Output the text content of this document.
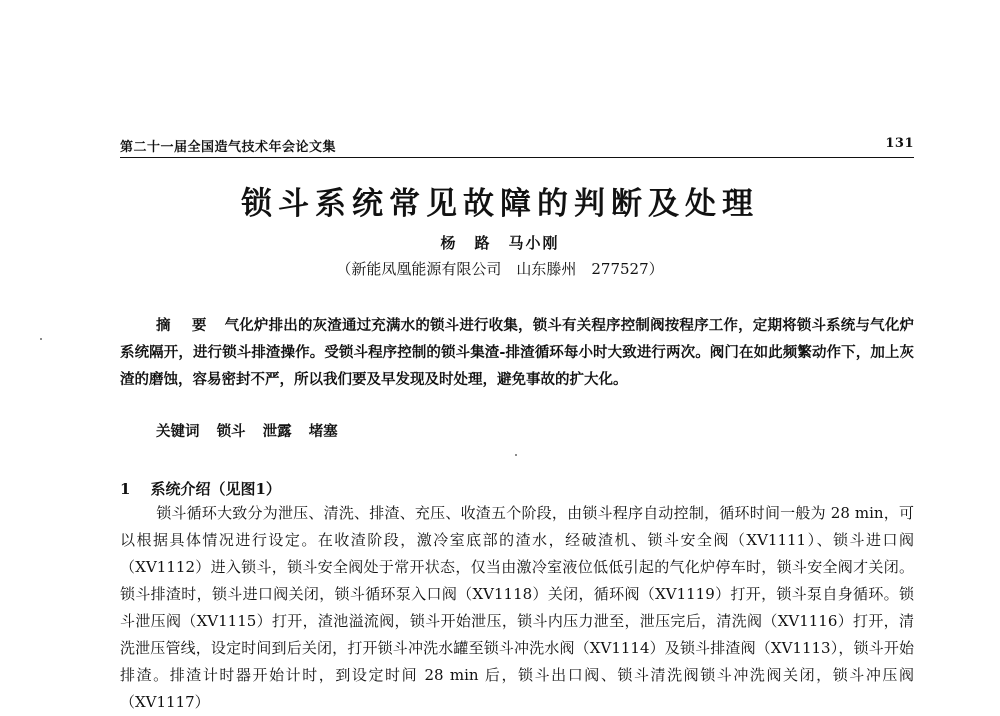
第二十一届全国造气技术年会论文集	131
锁斗系统常见故障的判断及处理
杨　路　马小刚
（新能凤凰能源有限公司　山东滕州　277527）
摘 要 气化炉排出的灰渣通过充满水的锁斗进行收集，锁斗有关程序控制阀按程序工作，定期将锁斗系统与气化炉系统隔开，进行锁斗排渣操作。受锁斗程序控制的锁斗集渣-排渣循环每小时大致进行两次。阀门在如此频繁动作下，加上灰渣的磨蚀，容易密封不严，所以我们要及早发现及时处理，避免事故的扩大化。
关键词 锁斗 泄露 堵塞
1 系统介绍（见图1）
锁斗循环大致分为泄压、清洗、排渣、充压、收渣五个阶段，由锁斗程序自动控制，循环时间一般为 28 min，可以根据具体情况进行设定。在收渣阶段，激冷室底部的渣水，经破渣机、锁斗安全阀（XV1111）、锁斗进口阀（XV1112）进入锁斗，锁斗安全阀处于常开状态，仅当由激冷室液位低低引起的气化炉停车时，锁斗安全阀才关闭。锁斗排渣时，锁斗进口阀关闭，锁斗循环泵入口阀（XV1118）关闭，循环阀（XV1119）打开，锁斗泵自身循环。锁斗泄压阀（XV1115）打开，渣池溢流阀，锁斗开始泄压，锁斗内压力泄至，泄压完后，清洗阀（XV1116）打开，清洗泄压管线，设定时间到后关闭，打开锁斗冲洗水罐至锁斗冲洗水阀（XV1114）及锁斗排渣阀（XV1113），锁斗开始排渣。排渣计时器开始计时，到设定时间 28 min 后，锁斗出口阀、锁斗清洗阀锁斗冲洗阀关闭，锁斗冲压阀（XV1117）
